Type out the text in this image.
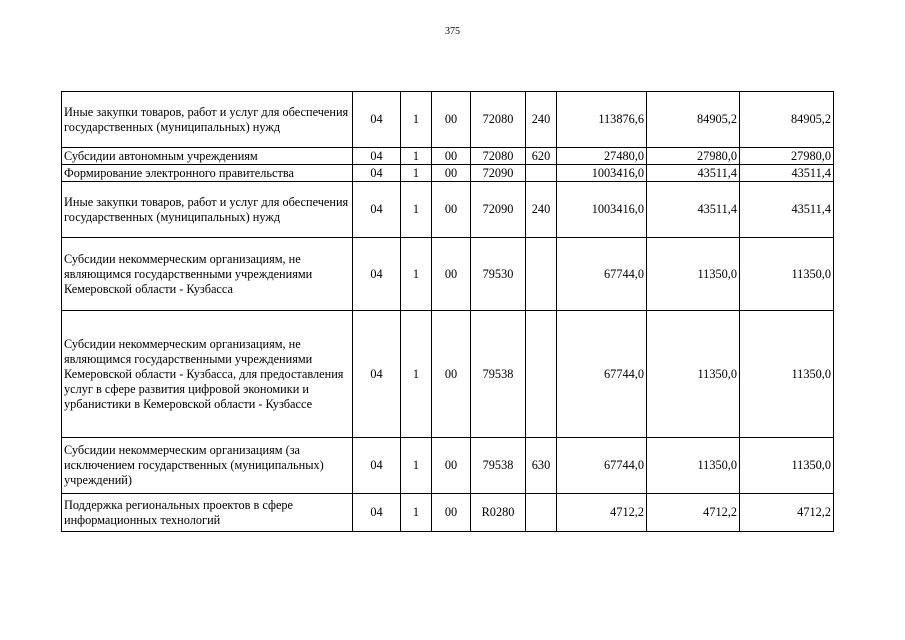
375
Иные закупки товаров, работ и услуг для обеспечения государственных (муниципальных) нужд	04	1	00	72080	240	113876,6	84905,2	84905,2
Субсидии автономным учреждениям	04	1	00	72080	620	27480,0	27980,0	27980,0
Формирование электронного правительства	04	1	00	72090		1003416,0	43511,4	43511,4
Иные закупки товаров, работ и услуг для обеспечения государственных (муниципальных) нужд	04	1	00	72090	240	1003416,0	43511,4	43511,4
Субсидии некоммерческим организациям, не являющимся государственными учреждениями Кемеровской области - Кузбасса	04	1	00	79530		67744,0	11350,0	11350,0
Субсидии некоммерческим организациям, не являющимся государственными учреждениями Кемеровской области - Кузбасса, для предоставления услуг в сфере развития цифровой экономики и урбанистики в Кемеровской области - Кузбассе	04	1	00	79538		67744,0	11350,0	11350,0
Субсидии некоммерческим организациям (за исключением государственных (муниципальных) учреждений)	04	1	00	79538	630	67744,0	11350,0	11350,0
Поддержка региональных проектов в сфере информационных технологий	04	1	00	R0280		4712,2	4712,2	4712,2
